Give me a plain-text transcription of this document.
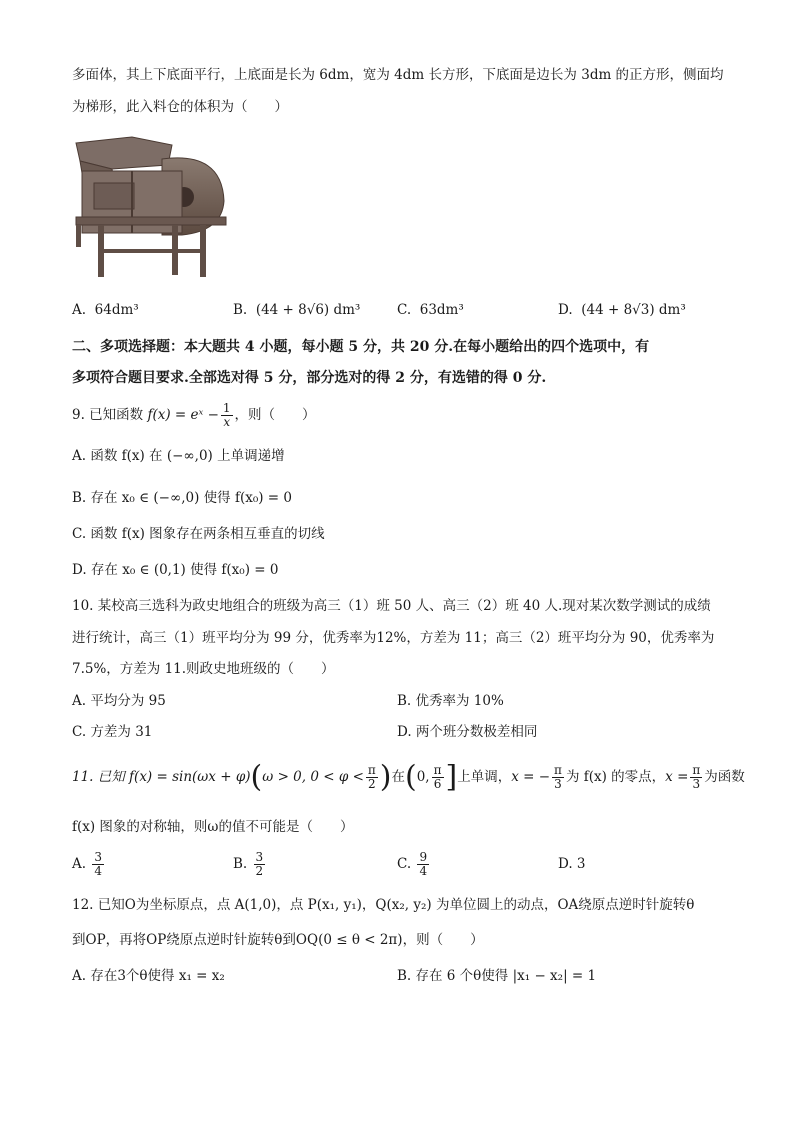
多面体，其上下底面平行，上底面是长为 6dm，宽为 4dm 长方形，下底面是边长为 3dm 的正方形，侧面均
为梯形，此入料仓的体积为（　　）
A. 64dm³	B. (44 + 8√6) dm³	C. 63dm³	D. (44 + 8√3) dm³
二、多项选择题：本大题共 4 小题，每小题 5 分，共 20 分.在每小题给出的四个选项中，有
多项符合题目要求.全部选对得 5 分，部分选对的得 2 分，有选错的得 0 分.
9. 已知函数 f(x) = eˣ − $\frac{1}{x}$ ，则（　　）
A. 函数 f(x) 在 (−∞,0) 上单调递增
B. 存在 x₀ ∈ (−∞,0) 使得 f(x₀) = 0
C. 函数 f(x) 图象存在两条相互垂直的切线
D. 存在 x₀ ∈ (0,1) 使得 f(x₀) = 0
10. 某校高三选科为政史地组合的班级为高三（1）班 50 人、高三（2）班 40 人.现对某次数学测试的成绩
进行统计，高三（1）班平均分为 99 分，优秀率为12%，方差为 11；高三（2）班平均分为 90，优秀率为
7.5%，方差为 11.则政史地班级的（　　）
A. 平均分为 95	B. 优秀率为 10%
C. 方差为 31	D. 两个班分数极差相同
11. 已知 f(x) = sin(ωx + φ)(ω > 0, $0 < \varphi < \frac{\pi}{2}$ )在(0, $\frac{\pi}{6}$ ]上单调，x = − $\frac{\pi}{3}$ 为 f(x) 的零点，$x = \frac{\pi}{3}$ 为函数
f(x) 图象的对称轴，则ω的值不可能是（　　）
A. $\frac{3}{4}$	B. $\frac{3}{2}$	C. $\frac{9}{4}$	D. 3
12. 已知O为坐标原点，点 A(1,0)，点 P(x₁, y₁)，Q(x₂, y₂) 为单位圆上的动点，OA绕原点逆时针旋转θ
到OP，再将OP绕原点逆时针旋转θ到OQ(0 ≤ θ < 2π)，则（　　）
A. 存在3个θ使得 x₁ = x₂	B. 存在 6 个θ使得 |x₁ − x₂| = 1
